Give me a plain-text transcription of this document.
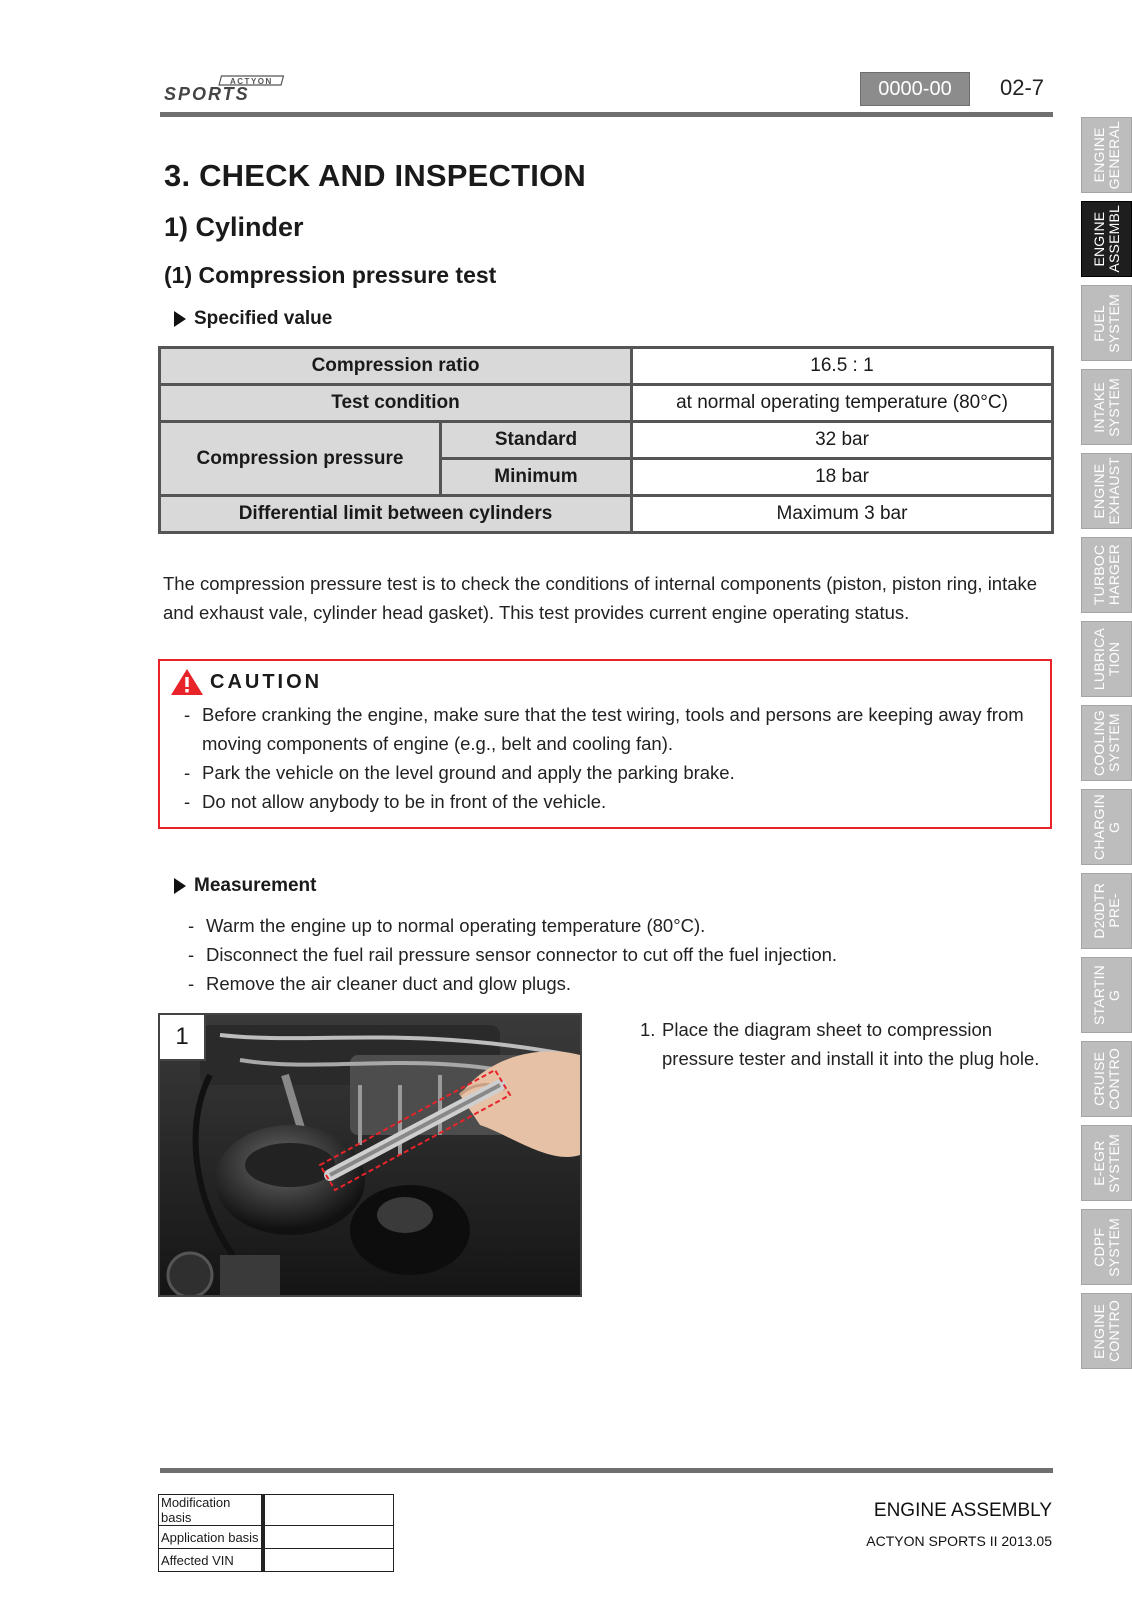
ACTYON
SPORTS	0000-00	02-7
3. CHECK AND INSPECTION
1) Cylinder
(1) Compression pressure test
Specified value
Compression ratio		16.5 : 1
Test condition		at normal operating temperature (80°C)
Compression pressure	Standard	32 bar
	Minimum	18 bar
Differential limit between cylinders		Maximum 3 bar

The compression pressure test is to check the conditions of internal components (piston, piston ring, intake and exhaust vale, cylinder head gasket). This test provides current engine operating status.

CAUTION
- Before cranking the engine, make sure that the test wiring, tools and persons are keeping away from moving components of engine (e.g., belt and cooling fan).
- Park the vehicle on the level ground and apply the parking brake.
- Do not allow anybody to be in front of the vehicle.
Measurement
- Warm the engine up to normal operating temperature (80°C).
- Disconnect the fuel rail pressure sensor connector to cut off the fuel injection.
- Remove the air cleaner duct and glow plugs.
1	1. Place the diagram sheet to compression pressure tester and install it into the plug hole.
ENGINE
GENERAL
ENGINE
ASSEMBL
FUEL
SYSTEM
INTAKE
SYSTEM
ENGINE
EXHAUST
TURBOC
HARGER
LUBRICA
TION
COOLING
SYSTEM
CHARGIN
G
D20DTR
PRE-
STARTIN
G
CRUISE
CONTRO
E-EGR
SYSTEM
CDPF
SYSTEM
ENGINE
CONTRO
Modification basis	
Application basis	
Affected VIN	
ENGINE ASSEMBLY
ACTYON SPORTS II 2013.05
